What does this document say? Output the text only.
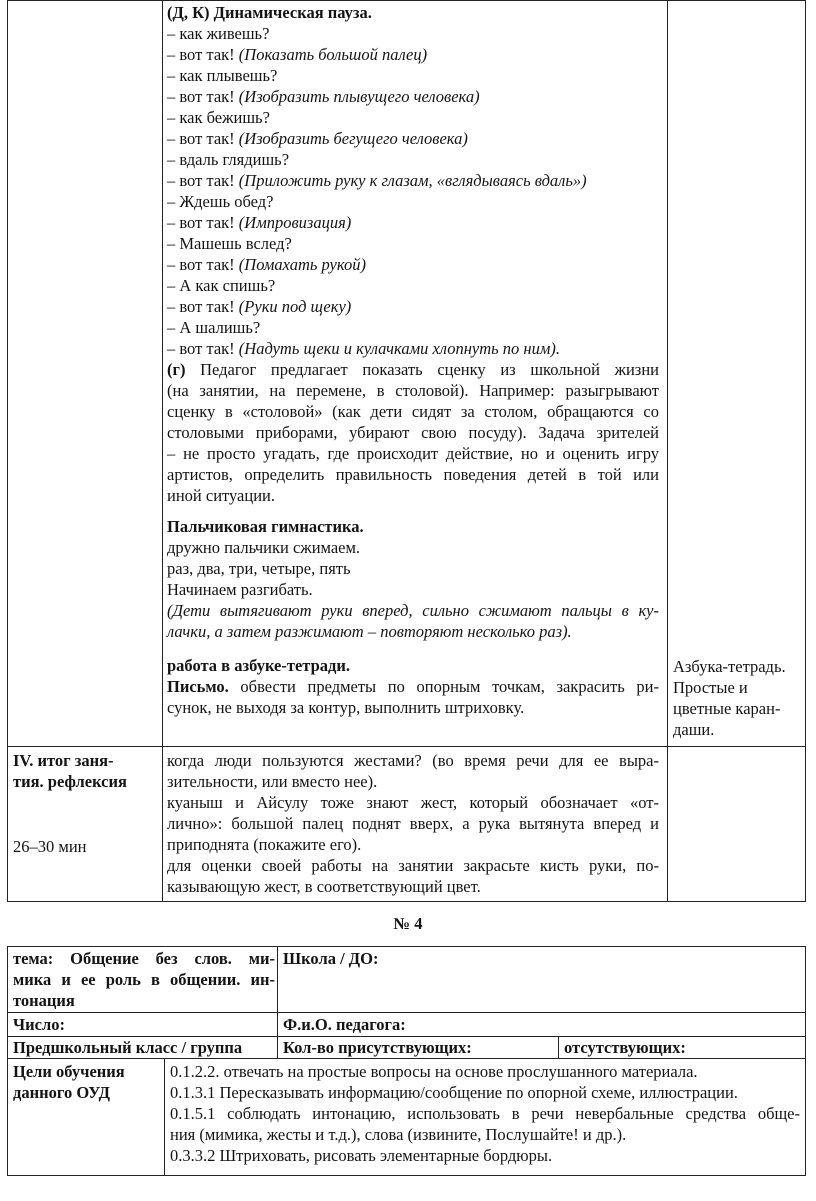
(Д, К) Динамическая пауза.
– как живешь?
– вот так! (Показать большой палец)
– как плывешь?
– вот так! (Изобразить плывущего человека)
– как бежишь?
– вот так! (Изобразить бегущего человека)
– вдаль глядишь?
– вот так! (Приложить руку к глазам, «вглядываясь вдаль»)
– Ждешь обед?
– вот так! (Импровизация)
– Машешь вслед?
– вот так! (Помахать рукой)
– А как спишь?
– вот так! (Руки под щеку)
– А шалишь?
– вот так! (Надуть щеки и кулачками хлопнуть по ним).
(г) Педагог предлагает показать сценку из школьной жизни
(на занятии, на перемене, в столовой). Например: разыгрывают
сценку в «столовой» (как дети сидят за столом, обращаются со
столовыми приборами, убирают свою посуду). Задача зрителей
– не просто угадать, где происходит действие, но и оценить игру
артистов, определить правильность поведения детей в той или
иной ситуации.
Пальчиковая гимнастика.
дружно пальчики сжимаем.
раз, два, три, четыре, пять
Начинаем разгибать.
(Дети вытягивают руки вперед, сильно сжимают пальцы в ку-
лачки, а затем разжимают – повторяют несколько раз).
работа в азбуке-тетради.
Письмо. обвести предметы по опорным точкам, закрасить ри-
сунок, не выходя за контур, выполнить штриховку.
Азбука-тетрадь.
Простые и
цветные каран-
даши.
IV. итог заня-
тия. рефлексия
26–30 мин
когда люди пользуются жестами? (во время речи для ее выра-
зительности, или вместо нее).
куаныш и Айсулу тоже знают жест, который обозначает «от-
лично»: большой палец поднят вверх, а рука вытянута вперед и
приподнята (покажите его).
для оценки своей работы на занятии закрасьте кисть руки, по-
казывающую жест, в соответствующий цвет.
№ 4
тема: Общение без слов. ми-
мика и ее роль в общении. ин-
тонация
Школа / ДО:
Число:	Ф.и.О. педагога:
Предшкольный класс / группа Кол-во присутствующих:	отсутствующих:
Цели обучения
данного ОУД
0.1.2.2. отвечать на простые вопросы на основе прослушанного материала.
0.1.3.1 Пересказывать информацию/сообщение по опорной схеме, иллюстрации.
0.1.5.1 соблюдать интонацию, использовать в речи невербальные средства обще-
ния (мимика, жесты и т.д.), слова (извините, Послушайте! и др.).
0.3.3.2 Штриховать, рисовать элементарные бордюры.
